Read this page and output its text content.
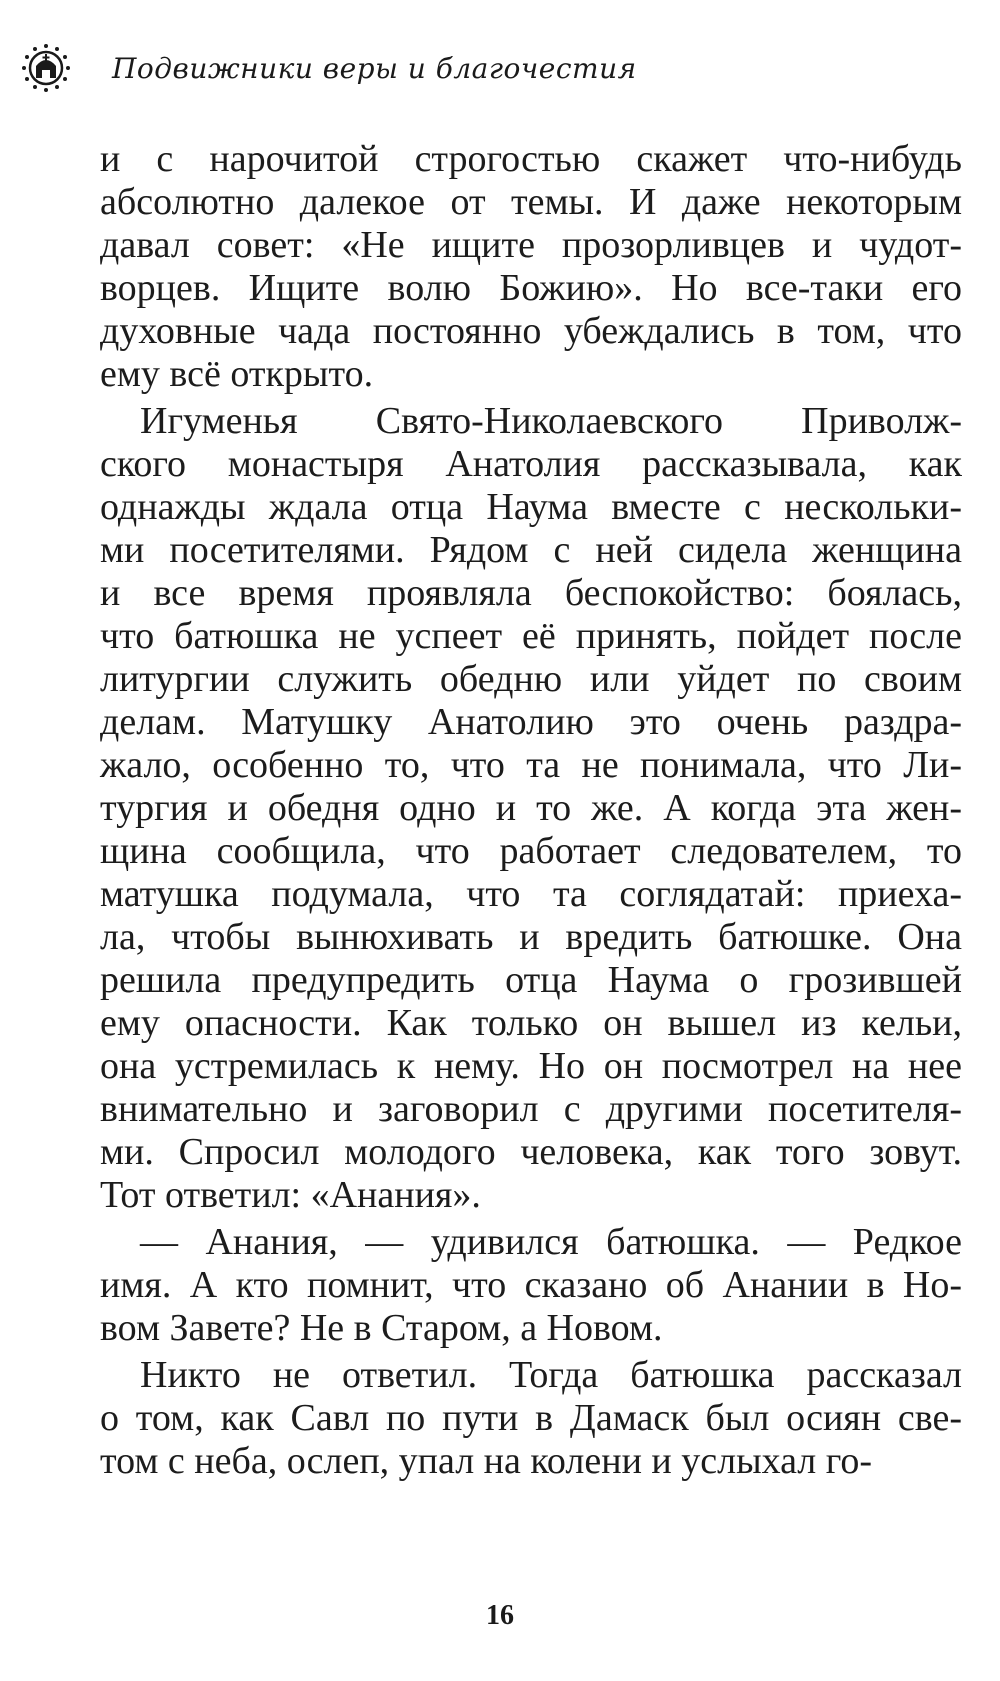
Подвижники веры и благочестия
и с нарочитой строгостью скажет что-нибудь
абсолютно далекое от темы. И даже некоторым
давал совет: «Не ищите прозорливцев и чудот-
ворцев. Ищите волю Божию». Но все-таки его
духовные чада постоянно убеждались в том, что
ему всё открыто.
Игуменья Свято-Николаевского Приволж-
ского монастыря Анатолия рассказывала, как
однажды ждала отца Наума вместе с нескольки-
ми посетителями. Рядом с ней сидела женщина
и все время проявляла беспокойство: боялась,
что батюшка не успеет её принять, пойдет после
литургии служить обедню или уйдет по своим
делам. Матушку Анатолию это очень раздра-
жало, особенно то, что та не понимала, что Ли-
тургия и обедня одно и то же. А когда эта жен-
щина сообщила, что работает следователем, то
матушка подумала, что та соглядатай: приеха-
ла, чтобы вынюхивать и вредить батюшке. Она
решила предупредить отца Наума о грозившей
ему опасности. Как только он вышел из кельи,
она устремилась к нему. Но он посмотрел на нее
внимательно и заговорил с другими посетителя-
ми. Спросил молодого человека, как того зовут.
Тот ответил: «Анания».
— Анания, — удивился батюшка. — Редкое
имя. А кто помнит, что сказано об Анании в Но-
вом Завете? Не в Старом, а Новом.
Никто не ответил. Тогда батюшка рассказал
о том, как Савл по пути в Дамаск был осиян све-
том с неба, ослеп, упал на колени и услыхал го-
16
